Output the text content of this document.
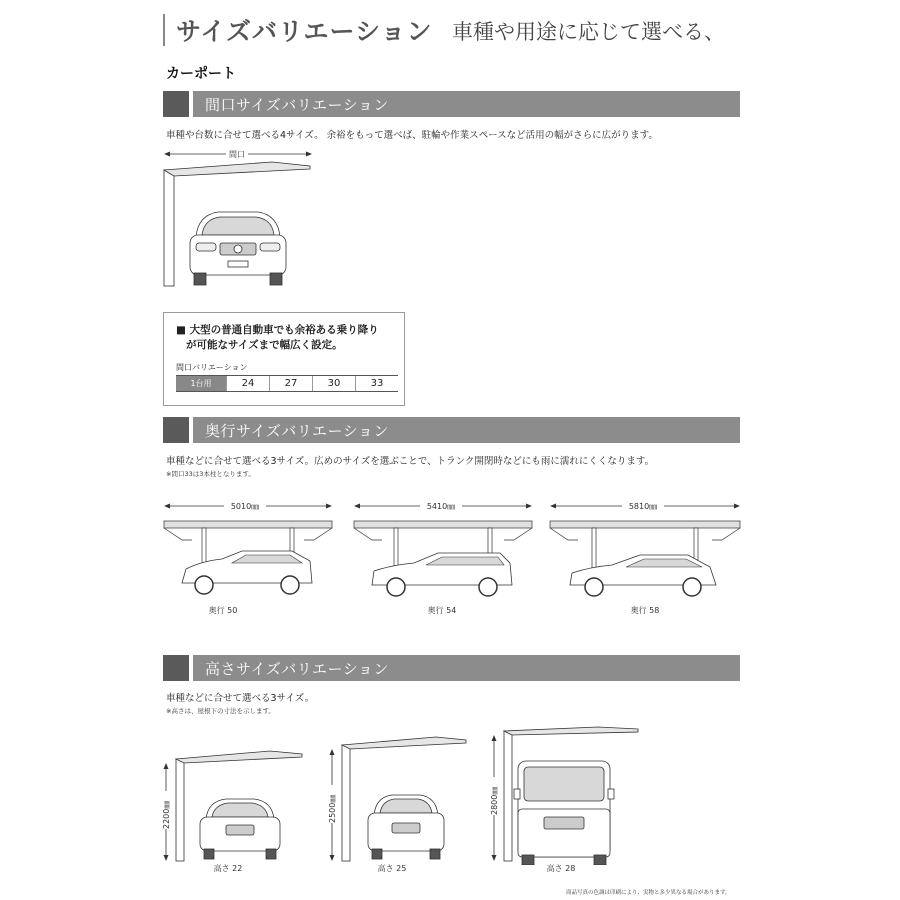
サイズバリエーション 車種や用途に応じて選べる、
カーポート
間口サイズバリエーション
車種や台数に合せて選べる4サイズ。 余裕をもって選べば、駐輪や作業スペースなど活用の幅がさらに広がります。
間口
■ 大型の普通自動車でも余裕ある乗り降り
が可能なサイズまで幅広く設定。
間口バリエーション
1台用	24	27	30	33
奥行サイズバリエーション
車種などに合せて選べる3サイズ。広めのサイズを選ぶことで、トランク開閉時などにも雨に濡れにくくなります。
※間口33は3本柱となります。
5010㎜	5410㎜	5810㎜
奥行 50	奥行 54	奥行 58
高さサイズバリエーション
車種などに合せて選べる3サイズ。
※高さは、屋根下の寸法を示します。
2200㎜	2500㎜	2800㎜
高さ 22	高さ 25	高さ 28
商品写真の色調は印刷により、実物と多少異なる場合があります。
